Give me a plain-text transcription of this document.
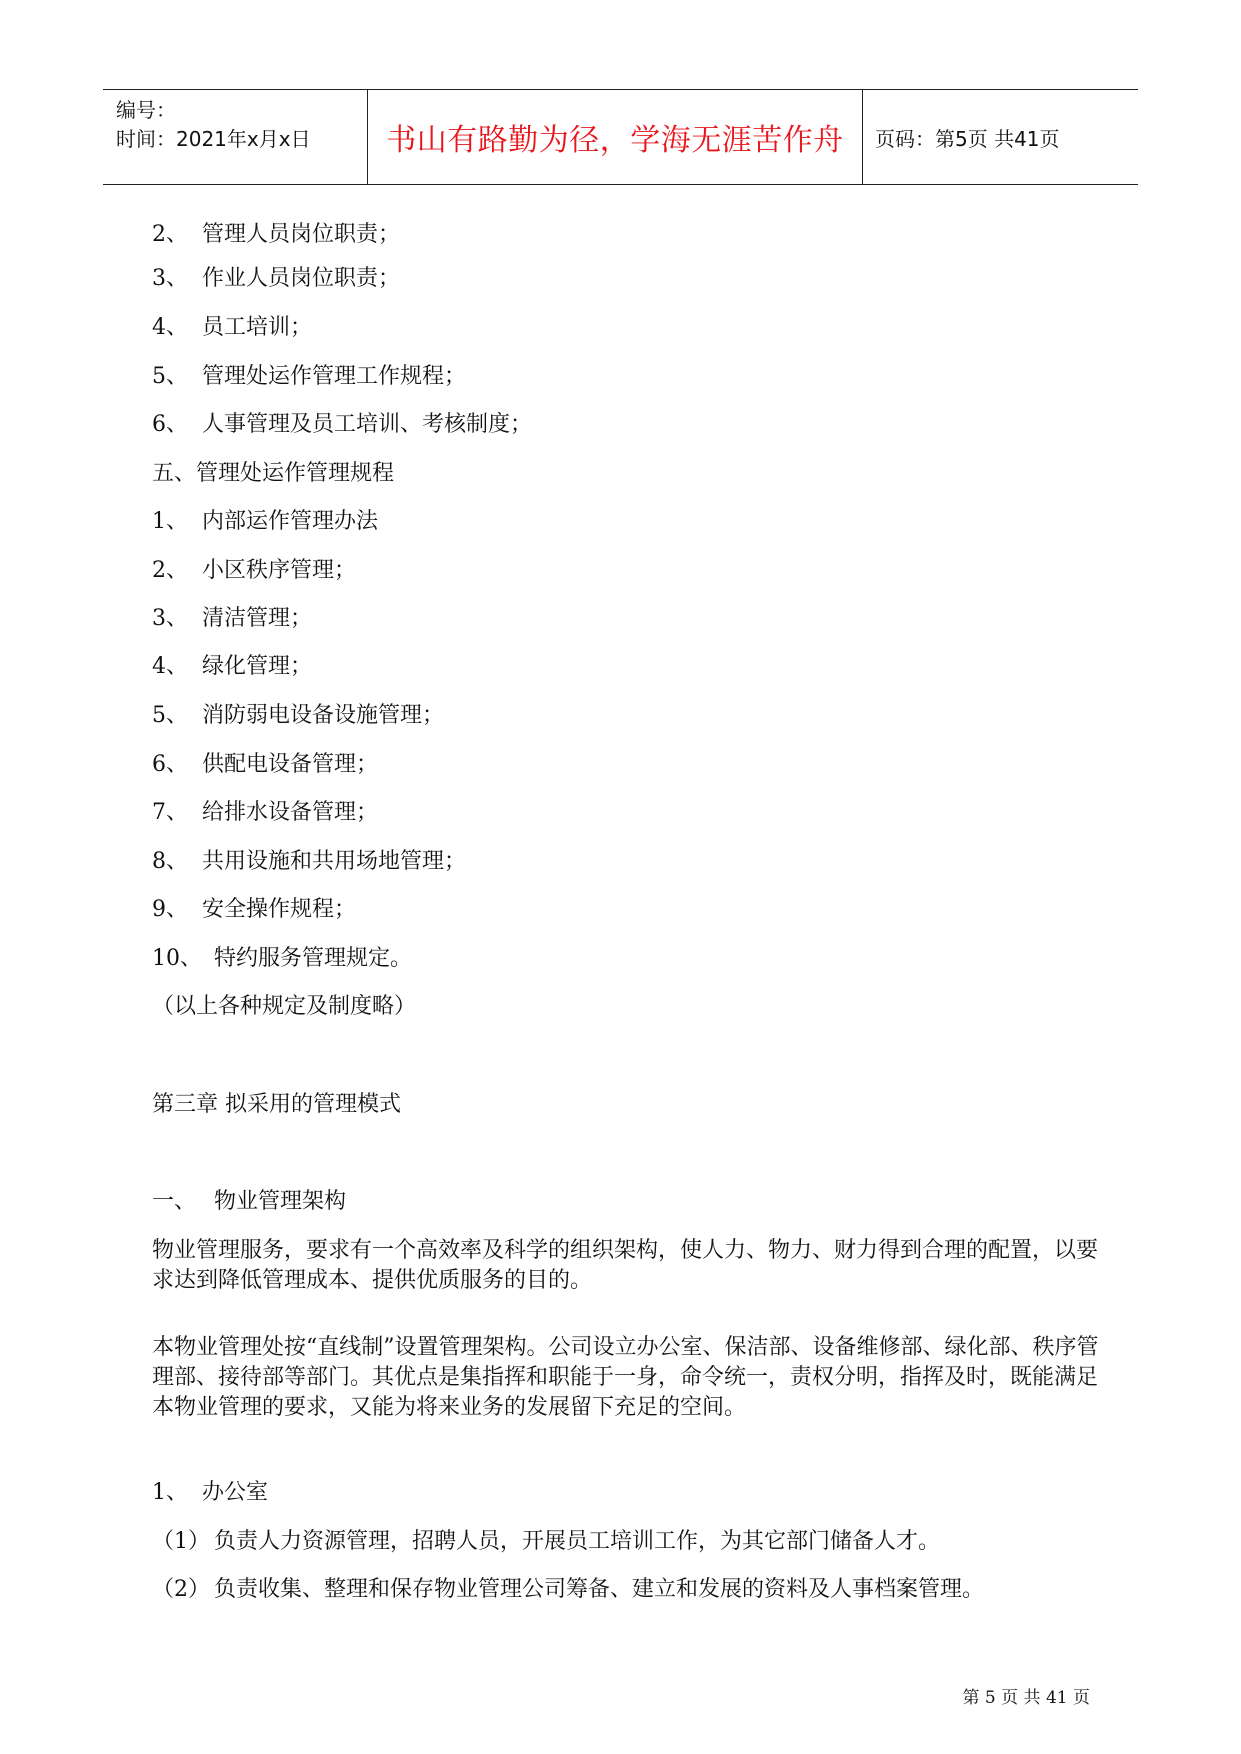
编号：
时间：2021年x月x日	书山有路勤为径，学海无涯苦作舟	页码：第5页 共41页
2、 管理人员岗位职责；
3、 作业人员岗位职责；
4、 员工培训；
5、 管理处运作管理工作规程；
6、 人事管理及员工培训、考核制度；
五、管理处运作管理规程
1、 内部运作管理办法
2、 小区秩序管理；
3、 清洁管理；
4、 绿化管理；
5、 消防弱电设备设施管理；
6、 供配电设备管理；
7、 给排水设备管理；
8、 共用设施和共用场地管理；
9、 安全操作规程；
10、 特约服务管理规定。
（以上各种规定及制度略）
第三章 拟采用的管理模式
一、 物业管理架构
物业管理服务，要求有一个高效率及科学的组织架构，使人力、物力、财力得到合理的配置，以要求达到降低管理成本、提供优质服务的目的。
本物业管理处按“直线制”设置管理架构。公司设立办公室、保洁部、设备维修部、绿化部、秩序管理部、接待部等部门。其优点是集指挥和职能于一身，命令统一，责权分明，指挥及时，既能满足本物业管理的要求，又能为将来业务的发展留下充足的空间。
1、 办公室
（1） 负责人力资源管理，招聘人员，开展员工培训工作，为其它部门储备人才。
（2） 负责收集、整理和保存物业管理公司筹备、建立和发展的资料及人事档案管理。
第 5 页 共 41 页
